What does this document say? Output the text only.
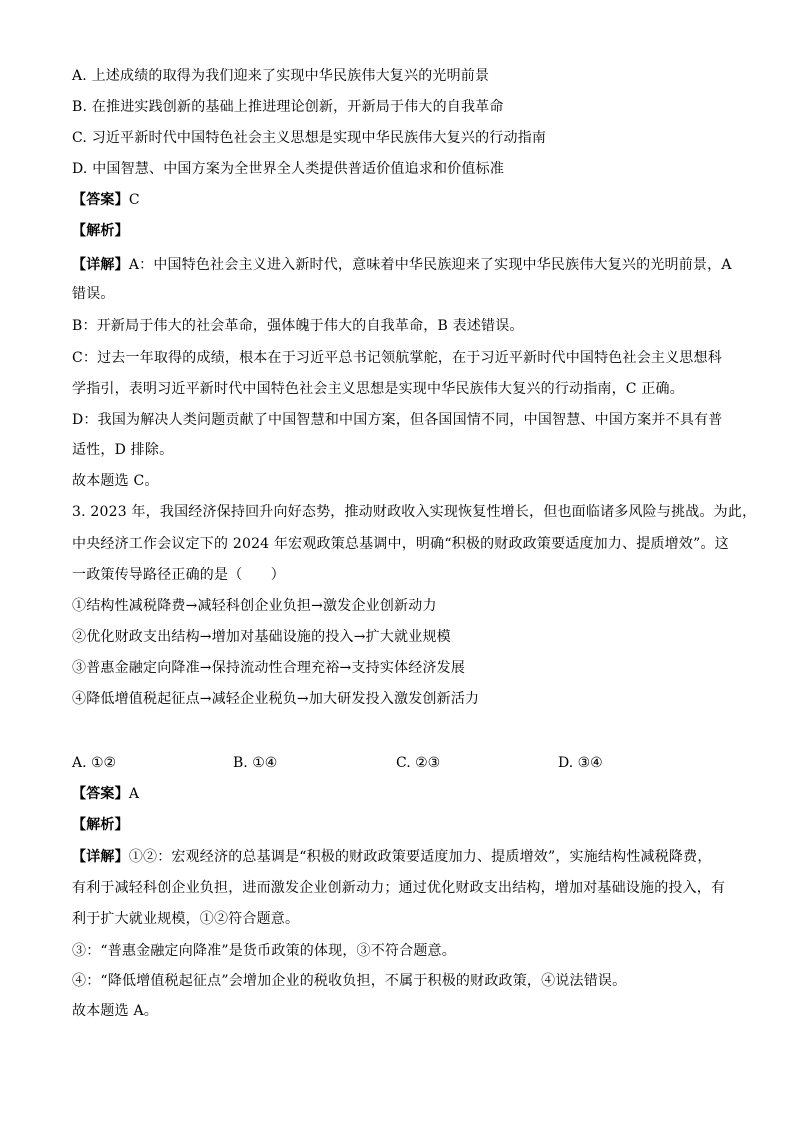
A. 上述成绩的取得为我们迎来了实现中华民族伟大复兴的光明前景
B. 在推进实践创新的基础上推进理论创新，开新局于伟大的自我革命
C. 习近平新时代中国特色社会主义思想是实现中华民族伟大复兴的行动指南
D. 中国智慧、中国方案为全世界全人类提供普适价值追求和价值标准
【答案】C
【解析】
【详解】A：中国特色社会主义进入新时代，意味着中华民族迎来了实现中华民族伟大复兴的光明前景，A
错误。
B：开新局于伟大的社会革命，强体魄于伟大的自我革命，B 表述错误。
C：过去一年取得的成绩，根本在于习近平总书记领航掌舵，在于习近平新时代中国特色社会主义思想科
学指引，表明习近平新时代中国特色社会主义思想是实现中华民族伟大复兴的行动指南，C 正确。
D：我国为解决人类问题贡献了中国智慧和中国方案，但各国国情不同，中国智慧、中国方案并不具有普
适性，D 排除。
故本题选 C。
3. 2023 年，我国经济保持回升向好态势，推动财政收入实现恢复性增长，但也面临诸多风险与挑战。为此，
中央经济工作会议定下的 2024 年宏观政策总基调中，明确“积极的财政政策要适度加力、提质增效”。这
一政策传导路径正确的是（　　）
①结构性减税降费→减轻科创企业负担→激发企业创新动力
②优化财政支出结构→增加对基础设施的投入→扩大就业规模
③普惠金融定向降准→保持流动性合理充裕→支持实体经济发展
④降低增值税起征点→减轻企业税负→加大研发投入激发创新活力
A. ①②	B. ①④	C. ②③	D. ③④
【答案】A
【解析】
【详解】①②：宏观经济的总基调是“积极的财政政策要适度加力、提质增效”，实施结构性减税降费，
有利于减轻科创企业负担，进而激发企业创新动力；通过优化财政支出结构，增加对基础设施的投入，有
利于扩大就业规模，①②符合题意。
③：“普惠金融定向降准”是货币政策的体现，③不符合题意。
④：“降低增值税起征点”会增加企业的税收负担，不属于积极的财政政策，④说法错误。
故本题选 A。
